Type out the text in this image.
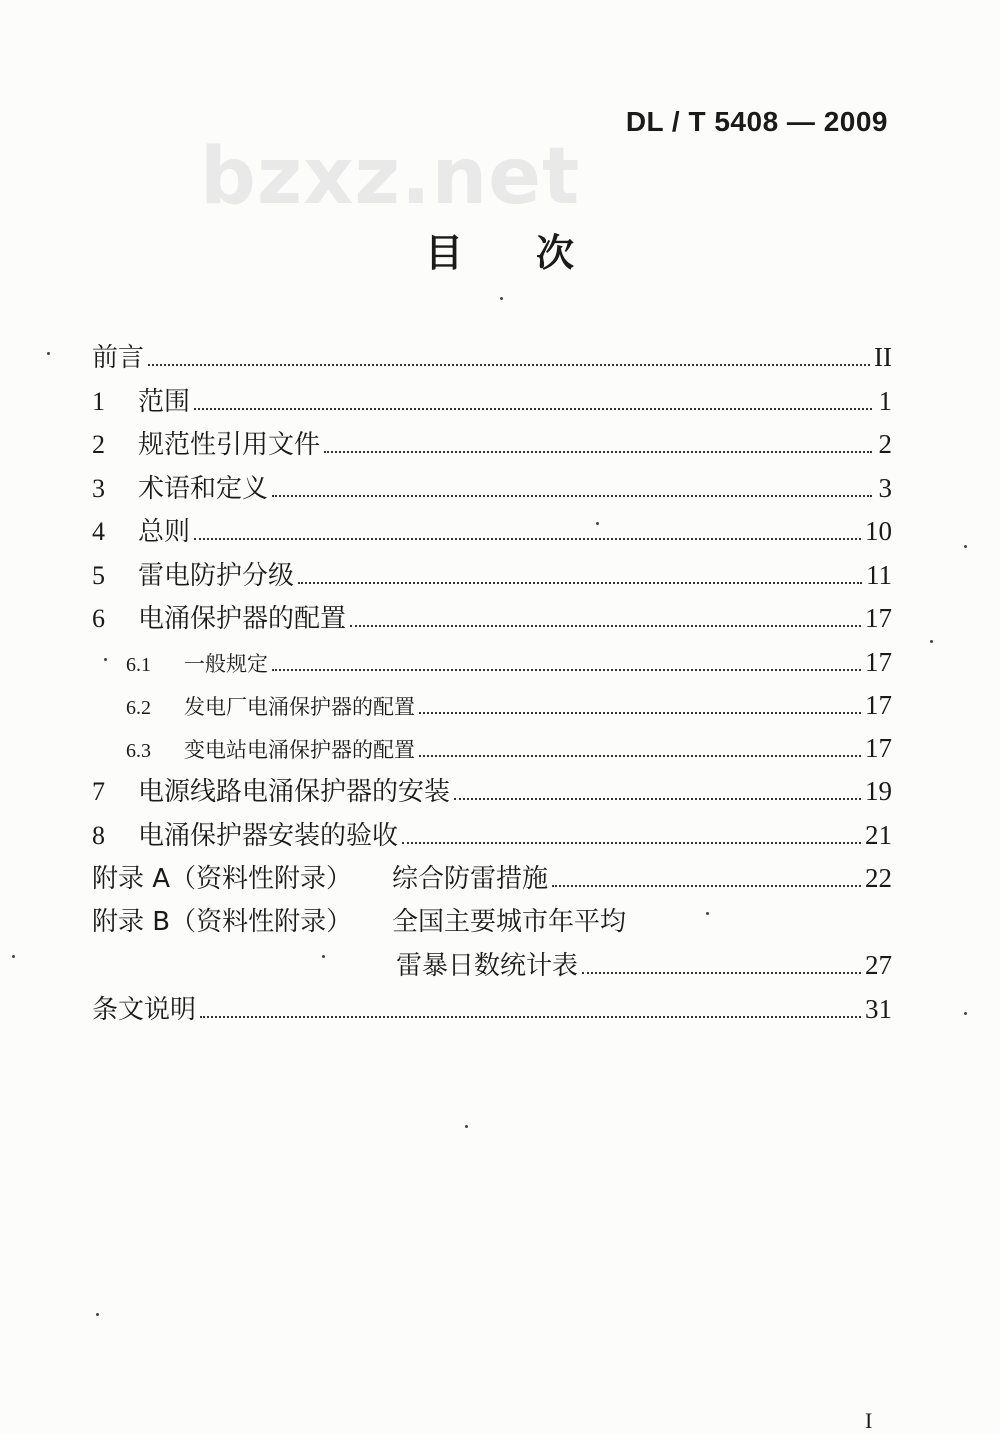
bzxz.net
DL / T 5408 — 2009
目 次
前言	II
1	范围	1
2	规范性引用文件	2
3	术语和定义	3
4	总则	10
5	雷电防护分级	11
6	电涌保护器的配置	17
6.1	一般规定	17
6.2	发电厂电涌保护器的配置	17
6.3	变电站电涌保护器的配置	17
7	电源线路电涌保护器的安装	19
8	电涌保护器安装的验收	21
附录 A（资料性附录）	综合防雷措施	22
附录 B（资料性附录）	全国主要城市年平均
雷暴日数统计表	27
条文说明	31
I
